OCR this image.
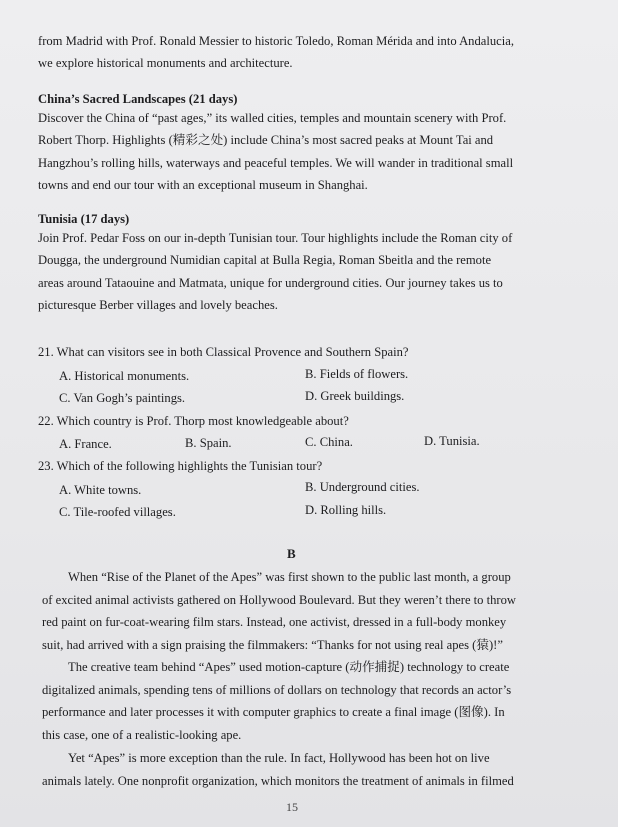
from Madrid with Prof. Ronald Messier to historic Toledo, Roman Mérida and into Andalucia,
we explore historical monuments and architecture.
China’s Sacred Landscapes (21 days)
Discover the China of “past ages,” its walled cities, temples and mountain scenery with Prof.
Robert Thorp. Highlights (精彩之处) include China’s most sacred peaks at Mount Tai and
Hangzhou’s rolling hills, waterways and peaceful temples. We will wander in traditional small
towns and end our tour with an exceptional museum in Shanghai.
Tunisia (17 days)
Join Prof. Pedar Foss on our in-depth Tunisian tour. Tour highlights include the Roman city of
Dougga, the underground Numidian capital at Bulla Regia, Roman Sbeitla and the remote
areas around Tataouine and Matmata, unique for underground cities. Our journey takes us to
picturesque Berber villages and lovely beaches.
21. What can visitors see in both Classical Provence and Southern Spain?
A. Historical monuments.	B. Fields of flowers.
C. Van Gogh’s paintings.	D. Greek buildings.
22. Which country is Prof. Thorp most knowledgeable about?
A. France.	B. Spain.	C. China.	D. Tunisia.
23. Which of the following highlights the Tunisian tour?
A. White towns.	B. Underground cities.
C. Tile-roofed villages.	D. Rolling hills.
B
When “Rise of the Planet of the Apes” was first shown to the public last month, a group
of excited animal activists gathered on Hollywood Boulevard. But they weren’t there to throw
red paint on fur-coat-wearing film stars. Instead, one activist, dressed in a full-body monkey
suit, had arrived with a sign praising the filmmakers: “Thanks for not using real apes (猿)!”
The creative team behind “Apes” used motion-capture (动作捕捉) technology to create
digitalized animals, spending tens of millions of dollars on technology that records an actor’s
performance and later processes it with computer graphics to create a final image (图像). In
this case, one of a realistic-looking ape.
Yet “Apes” is more exception than the rule. In fact, Hollywood has been hot on live
animals lately. One nonprofit organization, which monitors the treatment of animals in filmed
15
